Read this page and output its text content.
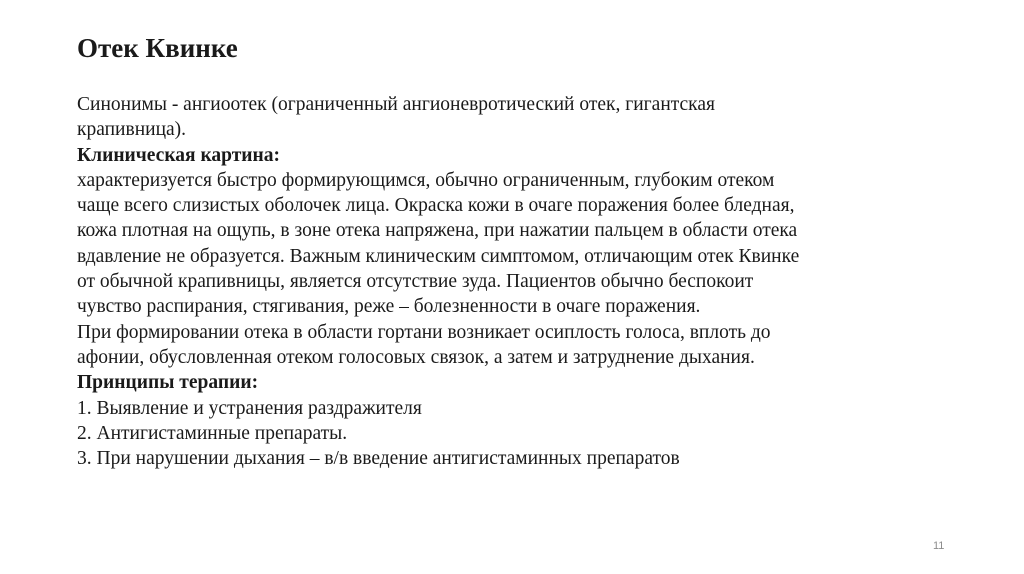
Отек Квинке
Синонимы - ангиоотек (ограниченный ангионевротический отек, гигантская
крапивница).
Клиническая картина:
характеризуется быстро формирующимся, обычно ограниченным, глубоким отеком
чаще всего слизистых оболочек лица. Окраска кожи в очаге поражения более бледная,
кожа плотная на ощупь, в зоне отека напряжена, при нажатии пальцем в области отека
вдавление не образуется. Важным клиническим симптомом, отличающим отек Квинке
от обычной крапивницы, является отсутствие зуда. Пациентов обычно беспокоит
чувство распирания, стягивания, реже – болезненности в очаге поражения.
При формировании отека в области гортани возникает осиплость голоса, вплоть до
афонии, обусловленная отеком голосовых связок, а затем и затруднение дыхания.
Принципы терапии:
1. Выявление и устранения раздражителя
2. Антигистаминные препараты.
3. При нарушении дыхания – в/в введение антигистаминных препаратов
11
